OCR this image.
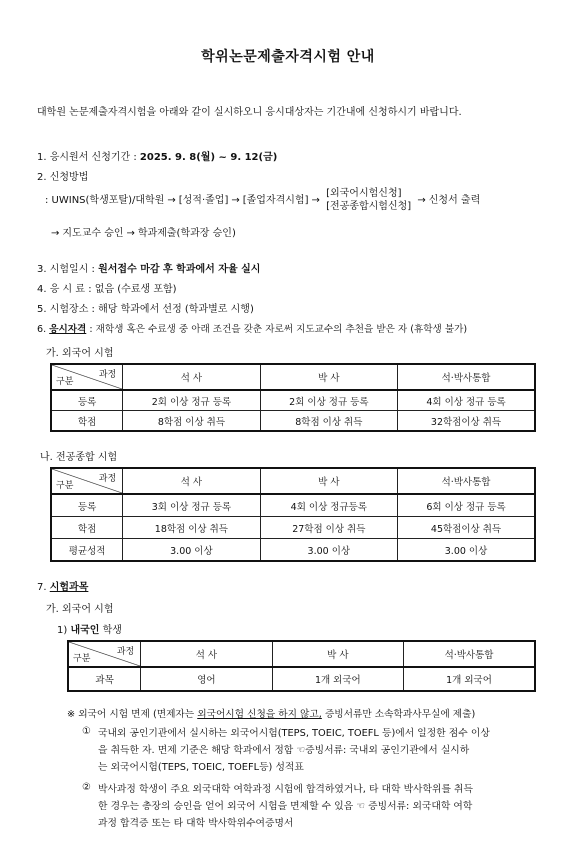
학위논문제출자격시험 안내
대학원 논문제출자격시험을 아래와 같이 실시하오니 응시대상자는 기간내에 신청하시기 바랍니다.
1. 응시원서 신청기간 : 2025. 9. 8(월) ~ 9. 12(금)
2. 신청방법
: UWINS(학생포탈)/대학원 → [성적·졸업] → [졸업자격시험] → [외국어시험신청]
[전공종합시험신청] → 신청서 출력
→ 지도교수 승인 → 학과제출(학과장 승인)
3. 시험일시 : 원서접수 마감 후 학과에서 자율 실시
4. 응 시 료 : 없음 (수료생 포함)
5. 시험장소 : 해당 학과에서 선정 (학과별로 시행)
6. 응시자격 : 재학생 혹은 수료생 중 아래 조건을 갖춘 자로써 지도교수의 추천을 받은 자 (휴학생 불가)
가. 외국어 시험
과정
구분	석 사	박 사	석·박사통합
등록	2회 이상 정규 등록	2회 이상 정규 등록	4회 이상 정규 등록
학점	8학점 이상 취득	8학점 이상 취득	32학점이상 취득
나. 전공종합 시험
과정
구분	석 사	박 사	석·박사통합
등록	3회 이상 정규 등록	4회 이상 정규등록	6회 이상 정규 등록
학점	18학점 이상 취득	27학점 이상 취득	45학점이상 취득
평균성적	3.00 이상	3.00 이상	3.00 이상
7. 시험과목
가. 외국어 시험
1) 내국인 학생
과정
구분	석 사	박 사	석·박사통합
과목	영어	1개 외국어	1개 외국어
※ 외국어 시험 면제 (면제자는 외국어시험 신청을 하지 않고, 증빙서류만 소속학과사무실에 제출)
① 국내외 공인기관에서 실시하는 외국어시험(TEPS, TOEIC, TOEFL 등)에서 일정한 점수 이상
을 취득한 자. 면제 기준은 해당 학과에서 정함 ☜증빙서류: 국내외 공인기관에서 실시하
는 외국어시험(TEPS, TOEIC, TOEFL등) 성적표
② 박사과정 학생이 주요 외국대학 여학과정 시험에 합격하였거나, 타 대학 박사학위를 취득
한 경우는 총장의 승인을 얻어 외국어 시험을 면제할 수 있음 ☜ 증빙서류: 외국대학 여학
과정 합격증 또는 타 대학 박사학위수여증명서
